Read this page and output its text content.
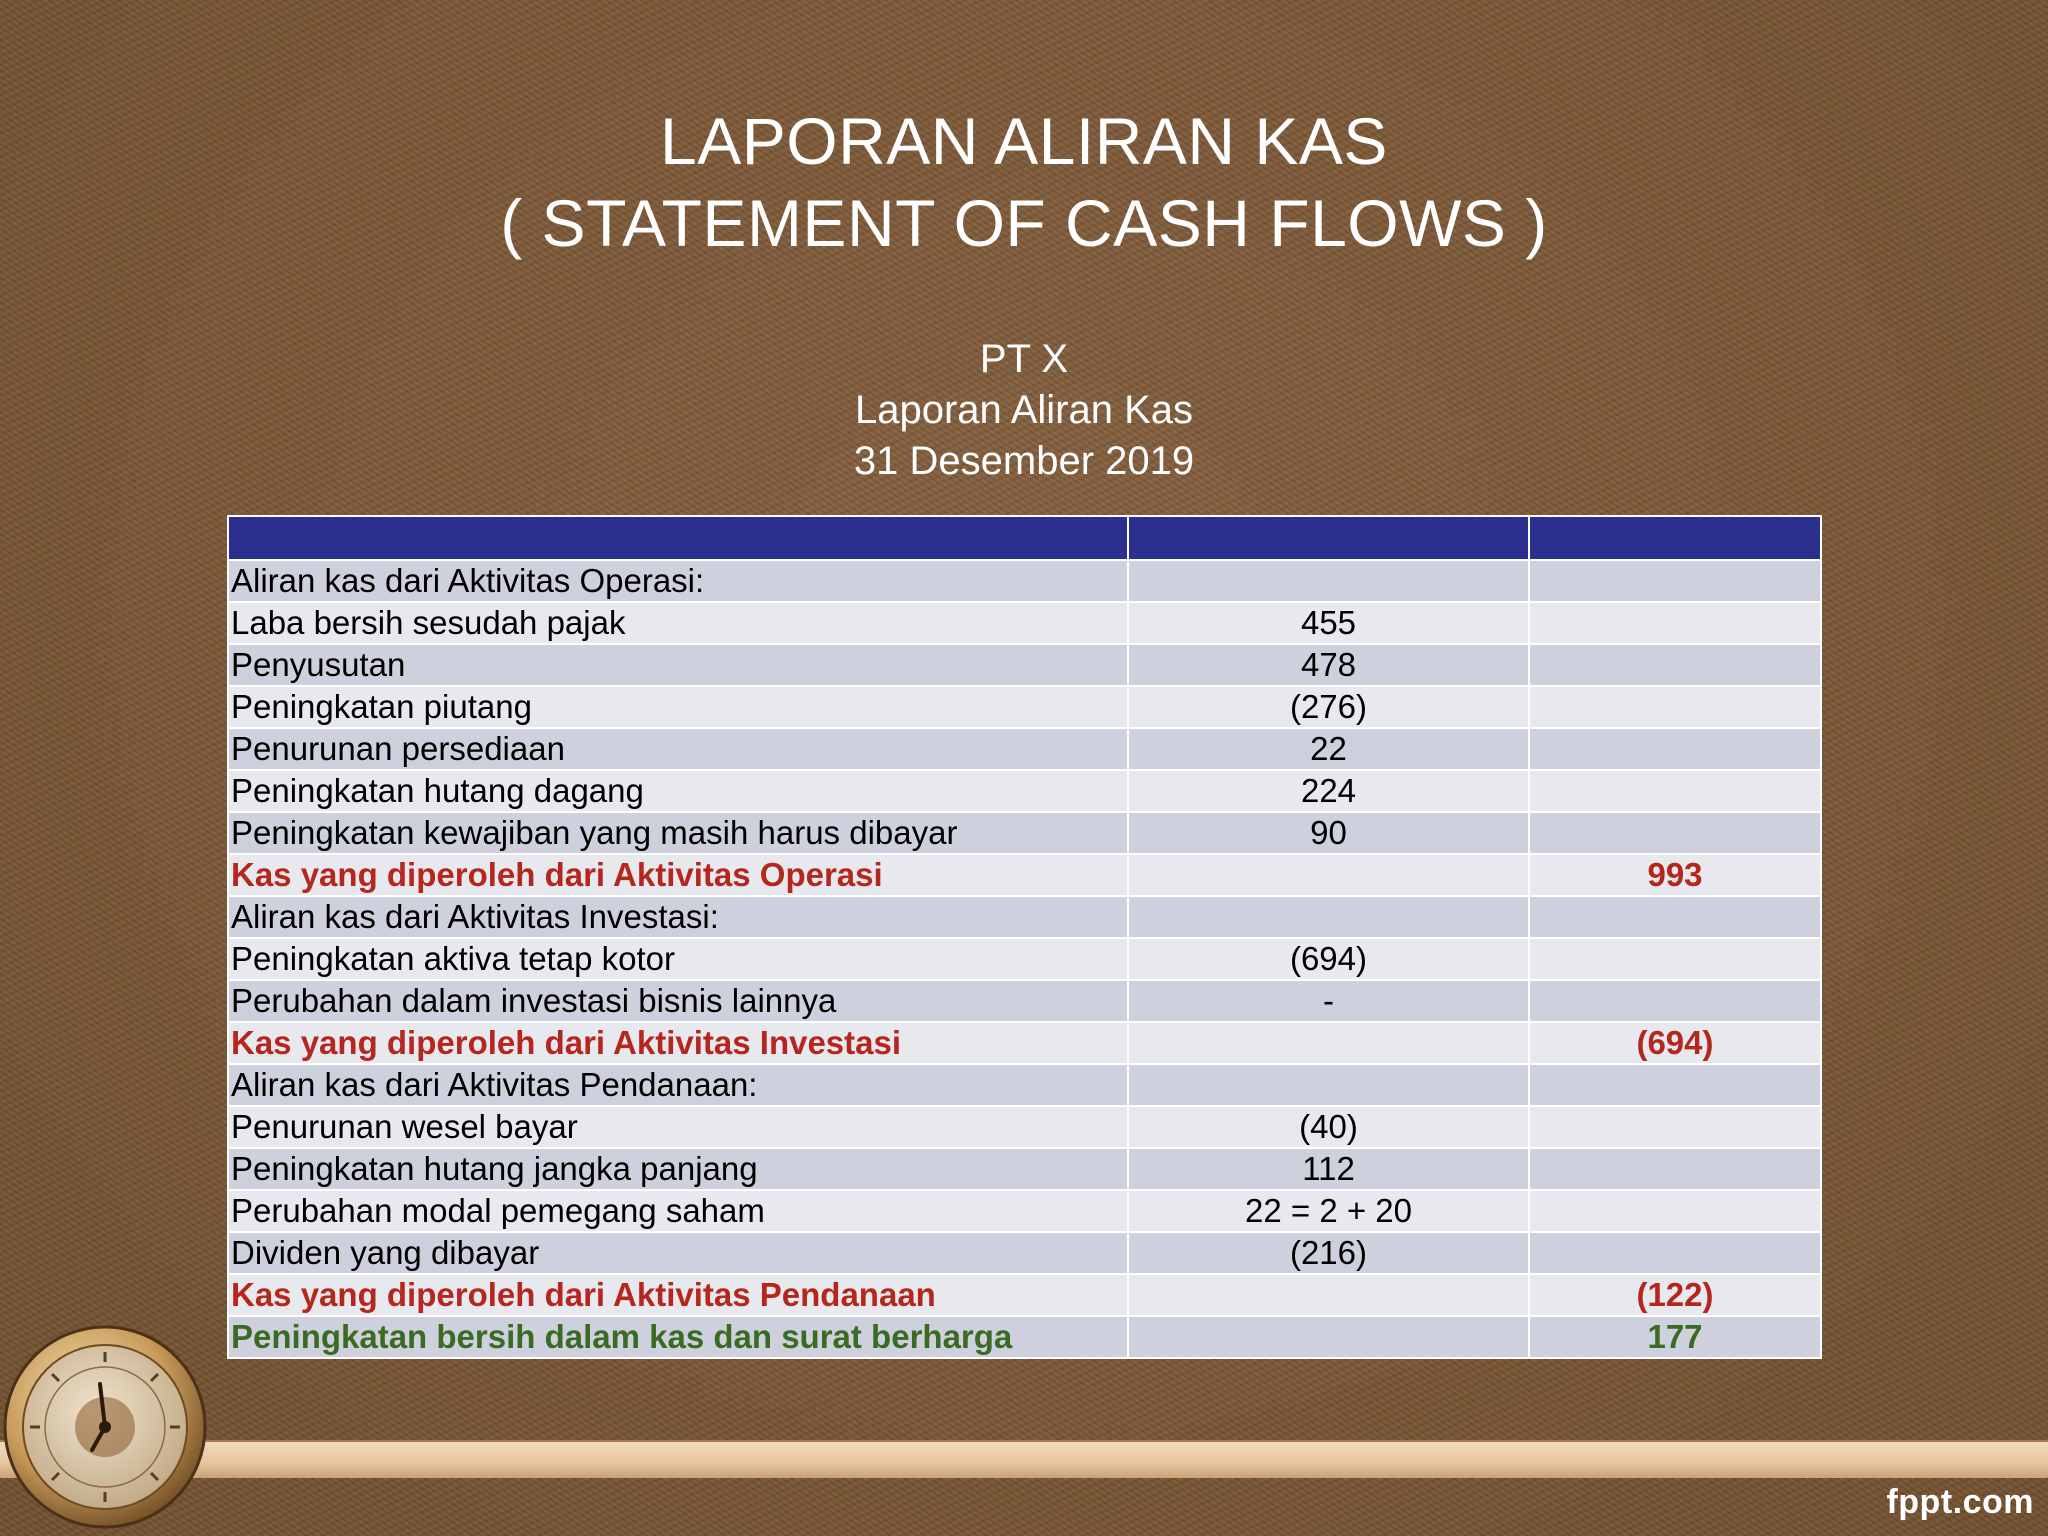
LAPORAN ALIRAN KAS
( STATEMENT OF CASH FLOWS )
PT X
Laporan Aliran Kas
31 Desember 2019

Aliran kas dari Aktivitas Operasi:		
Laba bersih sesudah pajak	455	
Penyusutan	478	
Peningkatan piutang	(276)	
Penurunan persediaan	22	
Peningkatan hutang dagang	224	
Peningkatan kewajiban yang masih harus dibayar	90	
Kas yang diperoleh dari Aktivitas Operasi		993
Aliran kas dari Aktivitas Investasi:		
Peningkatan aktiva tetap kotor	(694)	
Perubahan dalam investasi bisnis lainnya	-	
Kas yang diperoleh dari Aktivitas Investasi		(694)
Aliran kas dari Aktivitas Pendanaan:		
Penurunan wesel bayar	(40)	
Peningkatan hutang jangka panjang	112	
Perubahan modal pemegang saham	22 = 2 + 20	
Dividen yang dibayar	(216)	
Kas yang diperoleh dari Aktivitas Pendanaan		(122)
Peningkatan bersih dalam kas dan surat berharga		177
fppt.com
